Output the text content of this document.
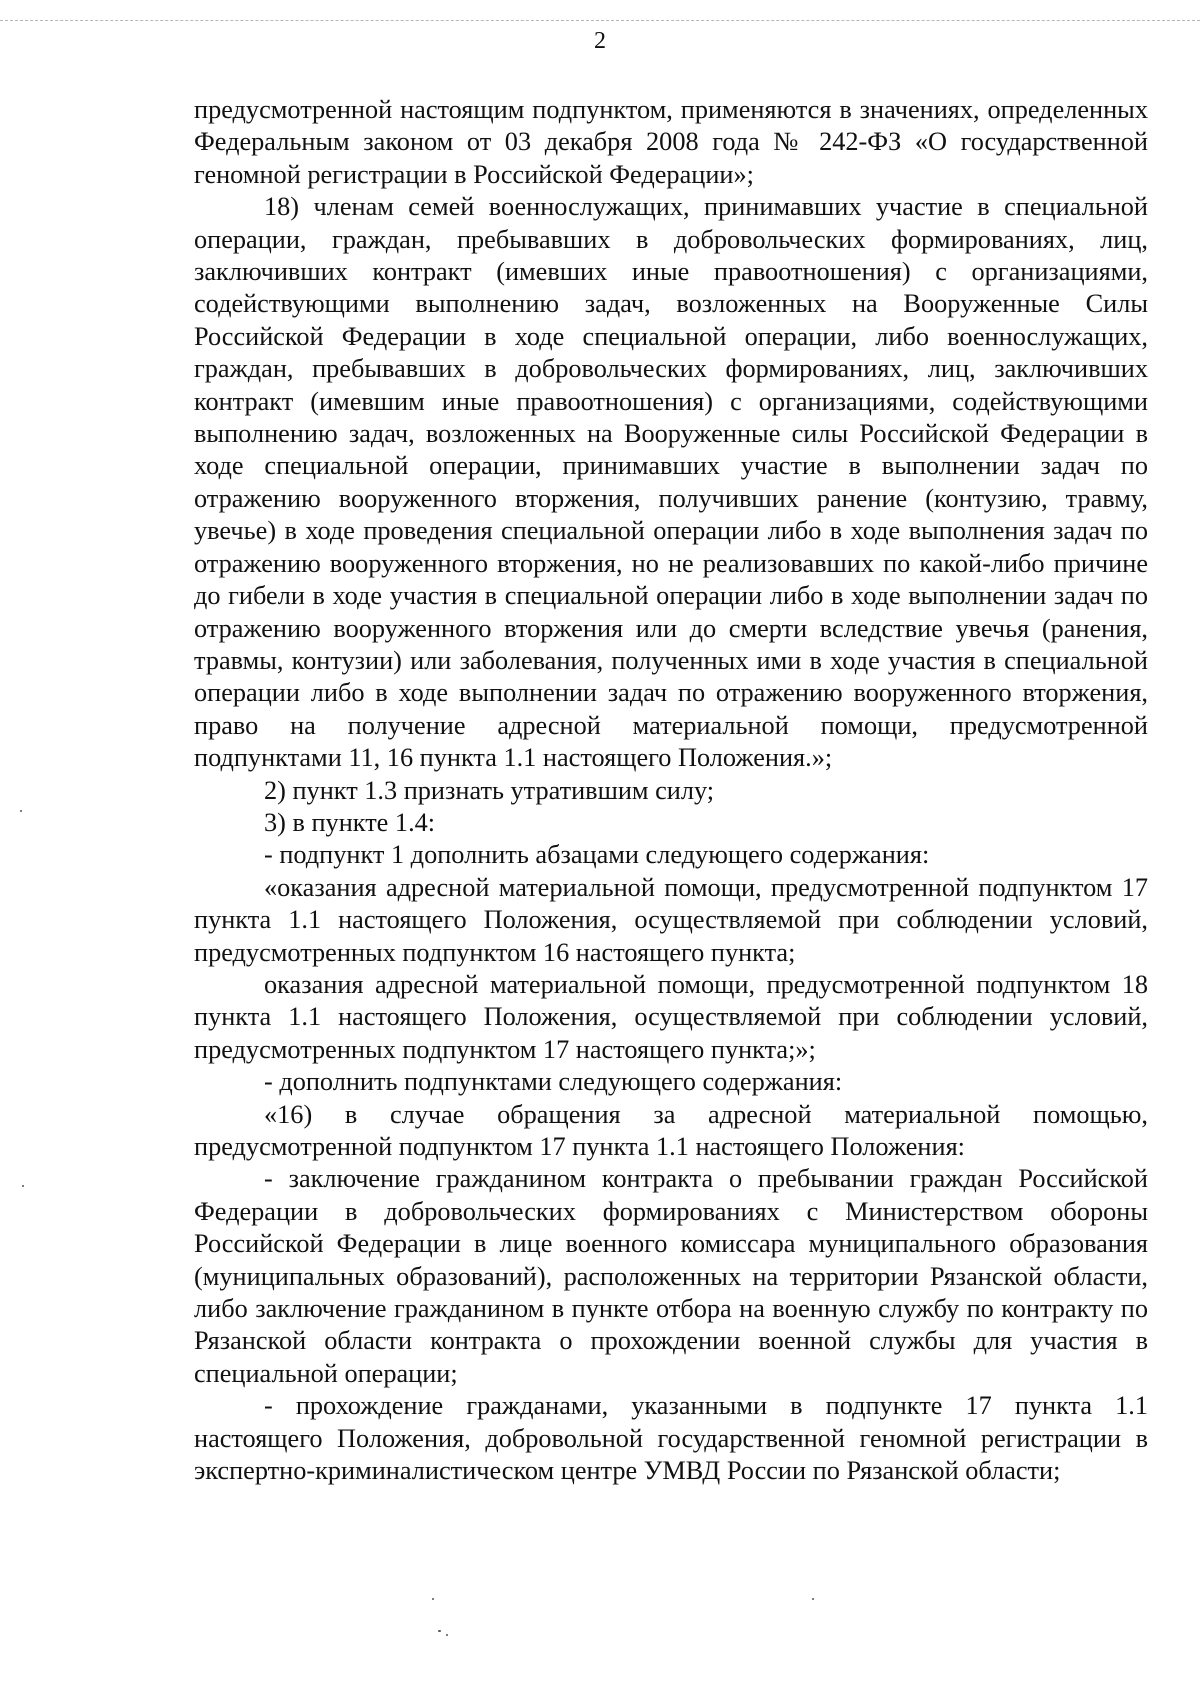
2

предусмотренной настоящим подпунктом, применяются в значениях, определенных Федеральным законом от 03 декабря 2008 года № 242-ФЗ «О государственной геномной регистрации в Российской Федерации»;

18) членам семей военнослужащих, принимавших участие в специальной операции, граждан, пребывавших в добровольческих формированиях, лиц, заключивших контракт (имевших иные правоотношения) с организациями, содействующими выполнению задач, возложенных на Вооруженные Силы Российской Федерации в ходе специальной операции, либо военнослужащих, граждан, пребывавших в добровольческих формированиях, лиц, заключивших контракт (имевшим иные правоотношения) с организациями, содействующими выполнению задач, возложенных на Вооруженные силы Российской Федерации в ходе специальной операции, принимавших участие в выполнении задач по отражению вооруженного вторжения, получивших ранение (контузию, травму, увечье) в ходе проведения специальной операции либо в ходе выполнения задач по отражению вооруженного вторжения, но не реализовавших по какой-либо причине до гибели в ходе участия в специальной операции либо в ходе выполнении задач по отражению вооруженного вторжения или до смерти вследствие увечья (ранения, травмы, контузии) или заболевания, полученных ими в ходе участия в специальной операции либо в ходе выполнении задач по отражению вооруженного вторжения, право на получение адресной материальной помощи, предусмотренной подпунктами 11, 16 пункта 1.1 настоящего Положения.»;

2) пункт 1.3 признать утратившим силу;

3) в пункте 1.4:

- подпункт 1 дополнить абзацами следующего содержания:

«оказания адресной материальной помощи, предусмотренной подпунктом 17 пункта 1.1 настоящего Положения, осуществляемой при соблюдении условий, предусмотренных подпунктом 16 настоящего пункта;

оказания адресной материальной помощи, предусмотренной подпунктом 18 пункта 1.1 настоящего Положения, осуществляемой при соблюдении условий, предусмотренных подпунктом 17 настоящего пункта;»;

- дополнить подпунктами следующего содержания:

«16) в случае обращения за адресной материальной помощью, предусмотренной подпунктом 17 пункта 1.1 настоящего Положения:

- заключение гражданином контракта о пребывании граждан Российской Федерации в добровольческих формированиях с Министерством обороны Российской Федерации в лице военного комиссара муниципального образования (муниципальных образований), расположенных на территории Рязанской области, либо заключение гражданином в пункте отбора на военную службу по контракту по Рязанской области контракта о прохождении военной службы для участия в специальной операции;

- прохождение гражданами, указанными в подпункте 17 пункта 1.1 настоящего Положения, добровольной государственной геномной регистрации в экспертно-криминалистическом центре УМВД России по Рязанской области;
